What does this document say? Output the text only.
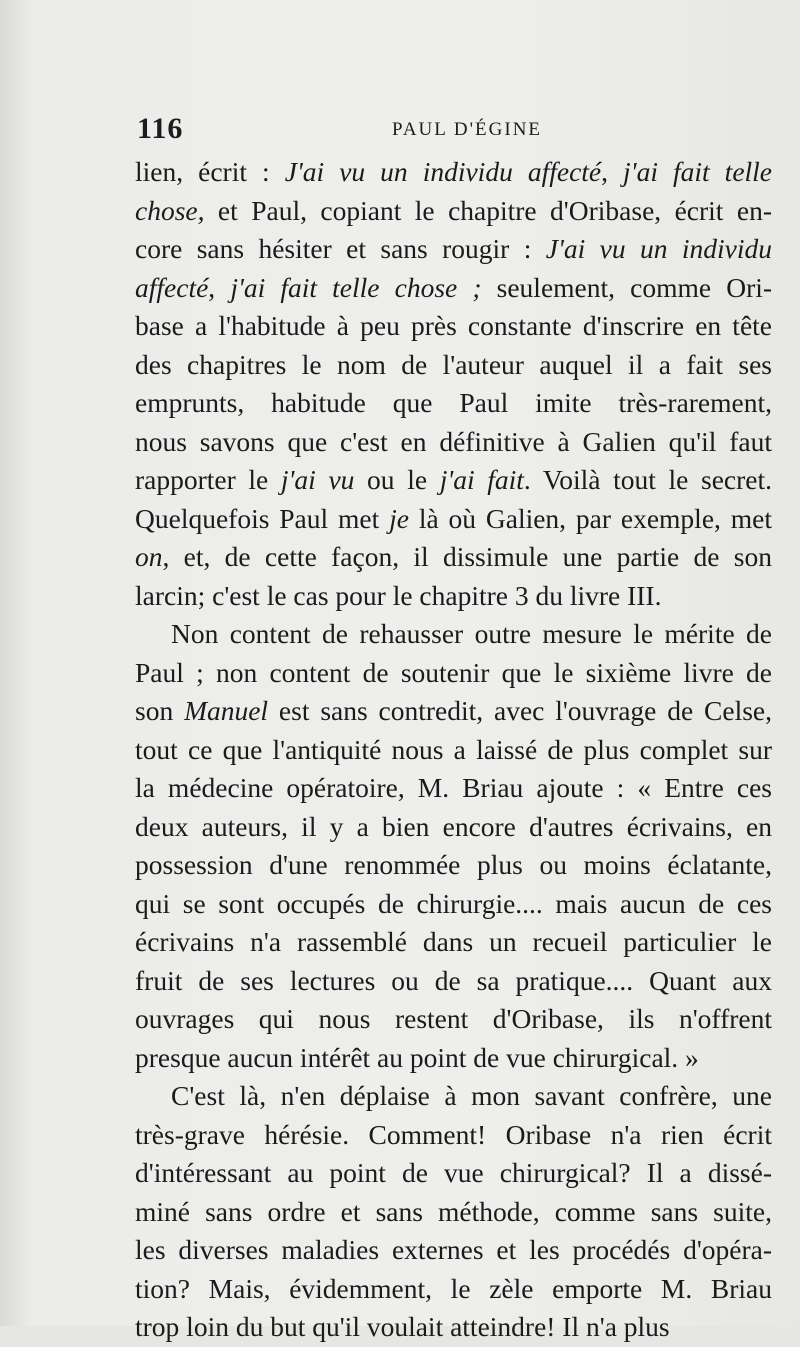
116	PAUL D'ÉGINE
lien, écrit : J'ai vu un individu affecté, j'ai fait telle
chose, et Paul, copiant le chapitre d'Oribase, écrit en-
core sans hésiter et sans rougir : J'ai vu un individu
affecté, j'ai fait telle chose ; seulement, comme Ori-
base a l'habitude à peu près constante d'inscrire en tête
des chapitres le nom de l'auteur auquel il a fait ses
emprunts, habitude que Paul imite très-rarement,
nous savons que c'est en définitive à Galien qu'il faut
rapporter le j'ai vu ou le j'ai fait. Voilà tout le secret.
Quelquefois Paul met je là où Galien, par exemple, met
on, et, de cette façon, il dissimule une partie de son
larcin; c'est le cas pour le chapitre 3 du livre III.
Non content de rehausser outre mesure le mérite de
Paul ; non content de soutenir que le sixième livre de
son Manuel est sans contredit, avec l'ouvrage de Celse,
tout ce que l'antiquité nous a laissé de plus complet sur
la médecine opératoire, M. Briau ajoute : « Entre ces
deux auteurs, il y a bien encore d'autres écrivains, en
possession d'une renommée plus ou moins éclatante,
qui se sont occupés de chirurgie.... mais aucun de ces
écrivains n'a rassemblé dans un recueil particulier le
fruit de ses lectures ou de sa pratique.... Quant aux
ouvrages qui nous restent d'Oribase, ils n'offrent
presque aucun intérêt au point de vue chirurgical. »
C'est là, n'en déplaise à mon savant confrère, une
très-grave hérésie. Comment! Oribase n'a rien écrit
d'intéressant au point de vue chirurgical? Il a dissé-
miné sans ordre et sans méthode, comme sans suite,
les diverses maladies externes et les procédés d'opéra-
tion? Mais, évidemment, le zèle emporte M. Briau
trop loin du but qu'il voulait atteindre! Il n'a plus
